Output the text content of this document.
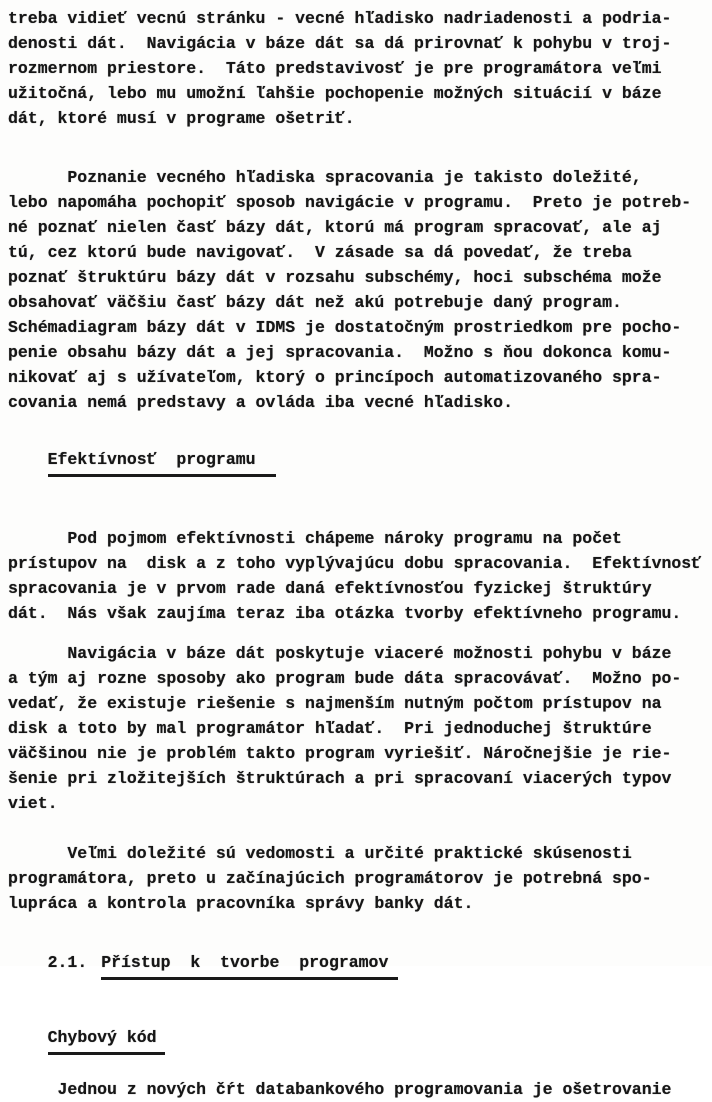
treba vidieť vecnú stránku - vecné hľadisko nadriadenosti a podria-
denosti dát.  Navigácia v báze dát sa dá prirovnať k pohybu v troj-
rozmernom priestore.  Táto predstavivosť je pre programátora veľmi
užitočná, lebo mu umožní ľahšie pochopenie možných situácií v báze
dát, ktoré musí v programe ošetriť.
Poznanie vecného hľadiska spracovania je takisto doležité,
lebo napomáha pochopiť sposob navigácie v programu.  Preto je potreb-
né poznať nielen časť bázy dát, ktorú má program spracovať, ale aj
tú, cez ktorú bude navigovať.  V zásade sa dá povedať, že treba
poznať štruktúru bázy dát v rozsahu subschémy, hoci subschéma može
obsahovať väčšiu časť bázy dát než akú potrebuje daný program.
Schémadiagram bázy dát v IDMS je dostatočným prostriedkom pre pocho-
penie obsahu bázy dát a jej spracovania.  Možno s ňou dokonca komu-
nikovať aj s užívateľom, ktorý o princípoch automatizovaného spra-
covania nemá predstavy a ovláda iba vecné hľadisko.

Efektívnosť  programu

Pod pojmom efektívnosti chápeme nároky programu na počet
prístupov na  disk a z toho vyplývajúcu dobu spracovania.  Efektívnosť
spracovania je v prvom rade daná efektívnosťou fyzickej štruktúry
dát.  Nás však zaujíma teraz iba otázka tvorby efektívneho programu.
Navigácia v báze dát poskytuje viaceré možnosti pohybu v báze
a tým aj rozne sposoby ako program bude dáta spracovávať.  Možno po-
vedať, že existuje riešenie s najmenším nutným počtom prístupov na
disk a toto by mal programátor hľadať.  Pri jednoduchej štruktúre
väčšinou nie je problém takto program vyriešiť. Náročnejšie je rie-
šenie pri zložitejších štruktúrach a pri spracovaní viacerých typov
viet.
Veľmi doležité sú vedomosti a určité praktické skúsenosti
programátora, preto u začínajúcich programátorov je potrebná spo-
lupráca a kontrola pracovníka správy banky dát.

2.1. Přístup  k  tvorbe  programov

Chybový kód

Jednou z nových čŕt databankového programovania je ošetrovanie
